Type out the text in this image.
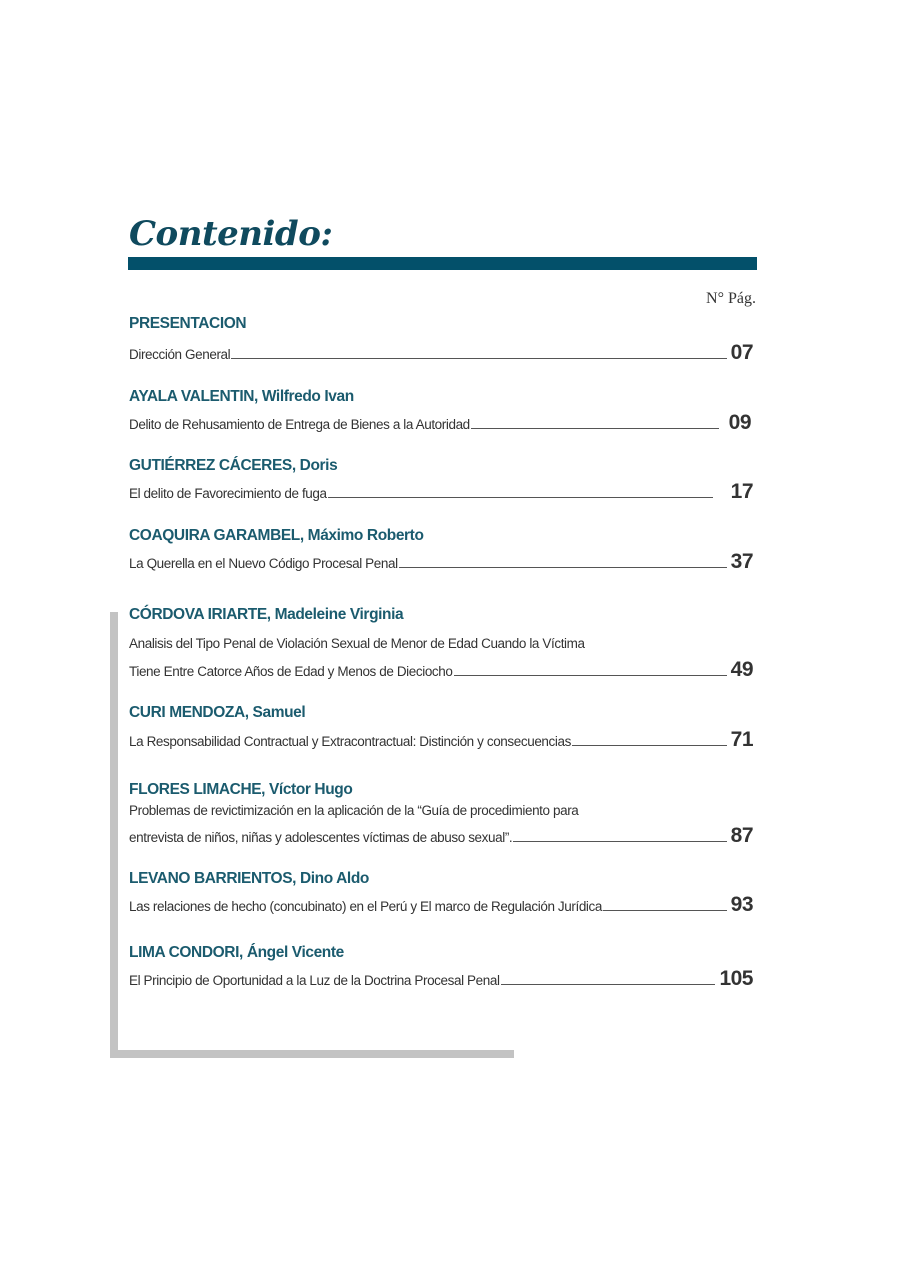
Contenido:
N° Pág.
PRESENTACION
Dirección General	07
AYALA VALENTIN, Wilfredo Ivan
Delito de Rehusamiento de Entrega de Bienes a la Autoridad	09
GUTIÉRREZ CÁCERES, Doris
El delito de Favorecimiento de fuga	17
COAQUIRA GARAMBEL, Máximo Roberto
La Querella en el Nuevo Código Procesal Penal	37
CÓRDOVA IRIARTE, Madeleine Virginia
Analisis del Tipo Penal de Violación Sexual de Menor de Edad Cuando la Víctima
Tiene Entre Catorce Años de Edad y Menos de Dieciocho	49
CURI MENDOZA, Samuel
La Responsabilidad Contractual y Extracontractual: Distinción y consecuencias	71
FLORES LIMACHE, Víctor Hugo
Problemas de revictimización en la aplicación de la “Guía de procedimiento para
entrevista de niños, niñas y adolescentes víctimas de abuso sexual”.	87
LEVANO BARRIENTOS, Dino Aldo
Las relaciones de hecho (concubinato) en el Perú y El marco de Regulación Jurídica	93
LIMA CONDORI, Ángel Vicente
El Principio de Oportunidad a la Luz de la Doctrina Procesal Penal	105
